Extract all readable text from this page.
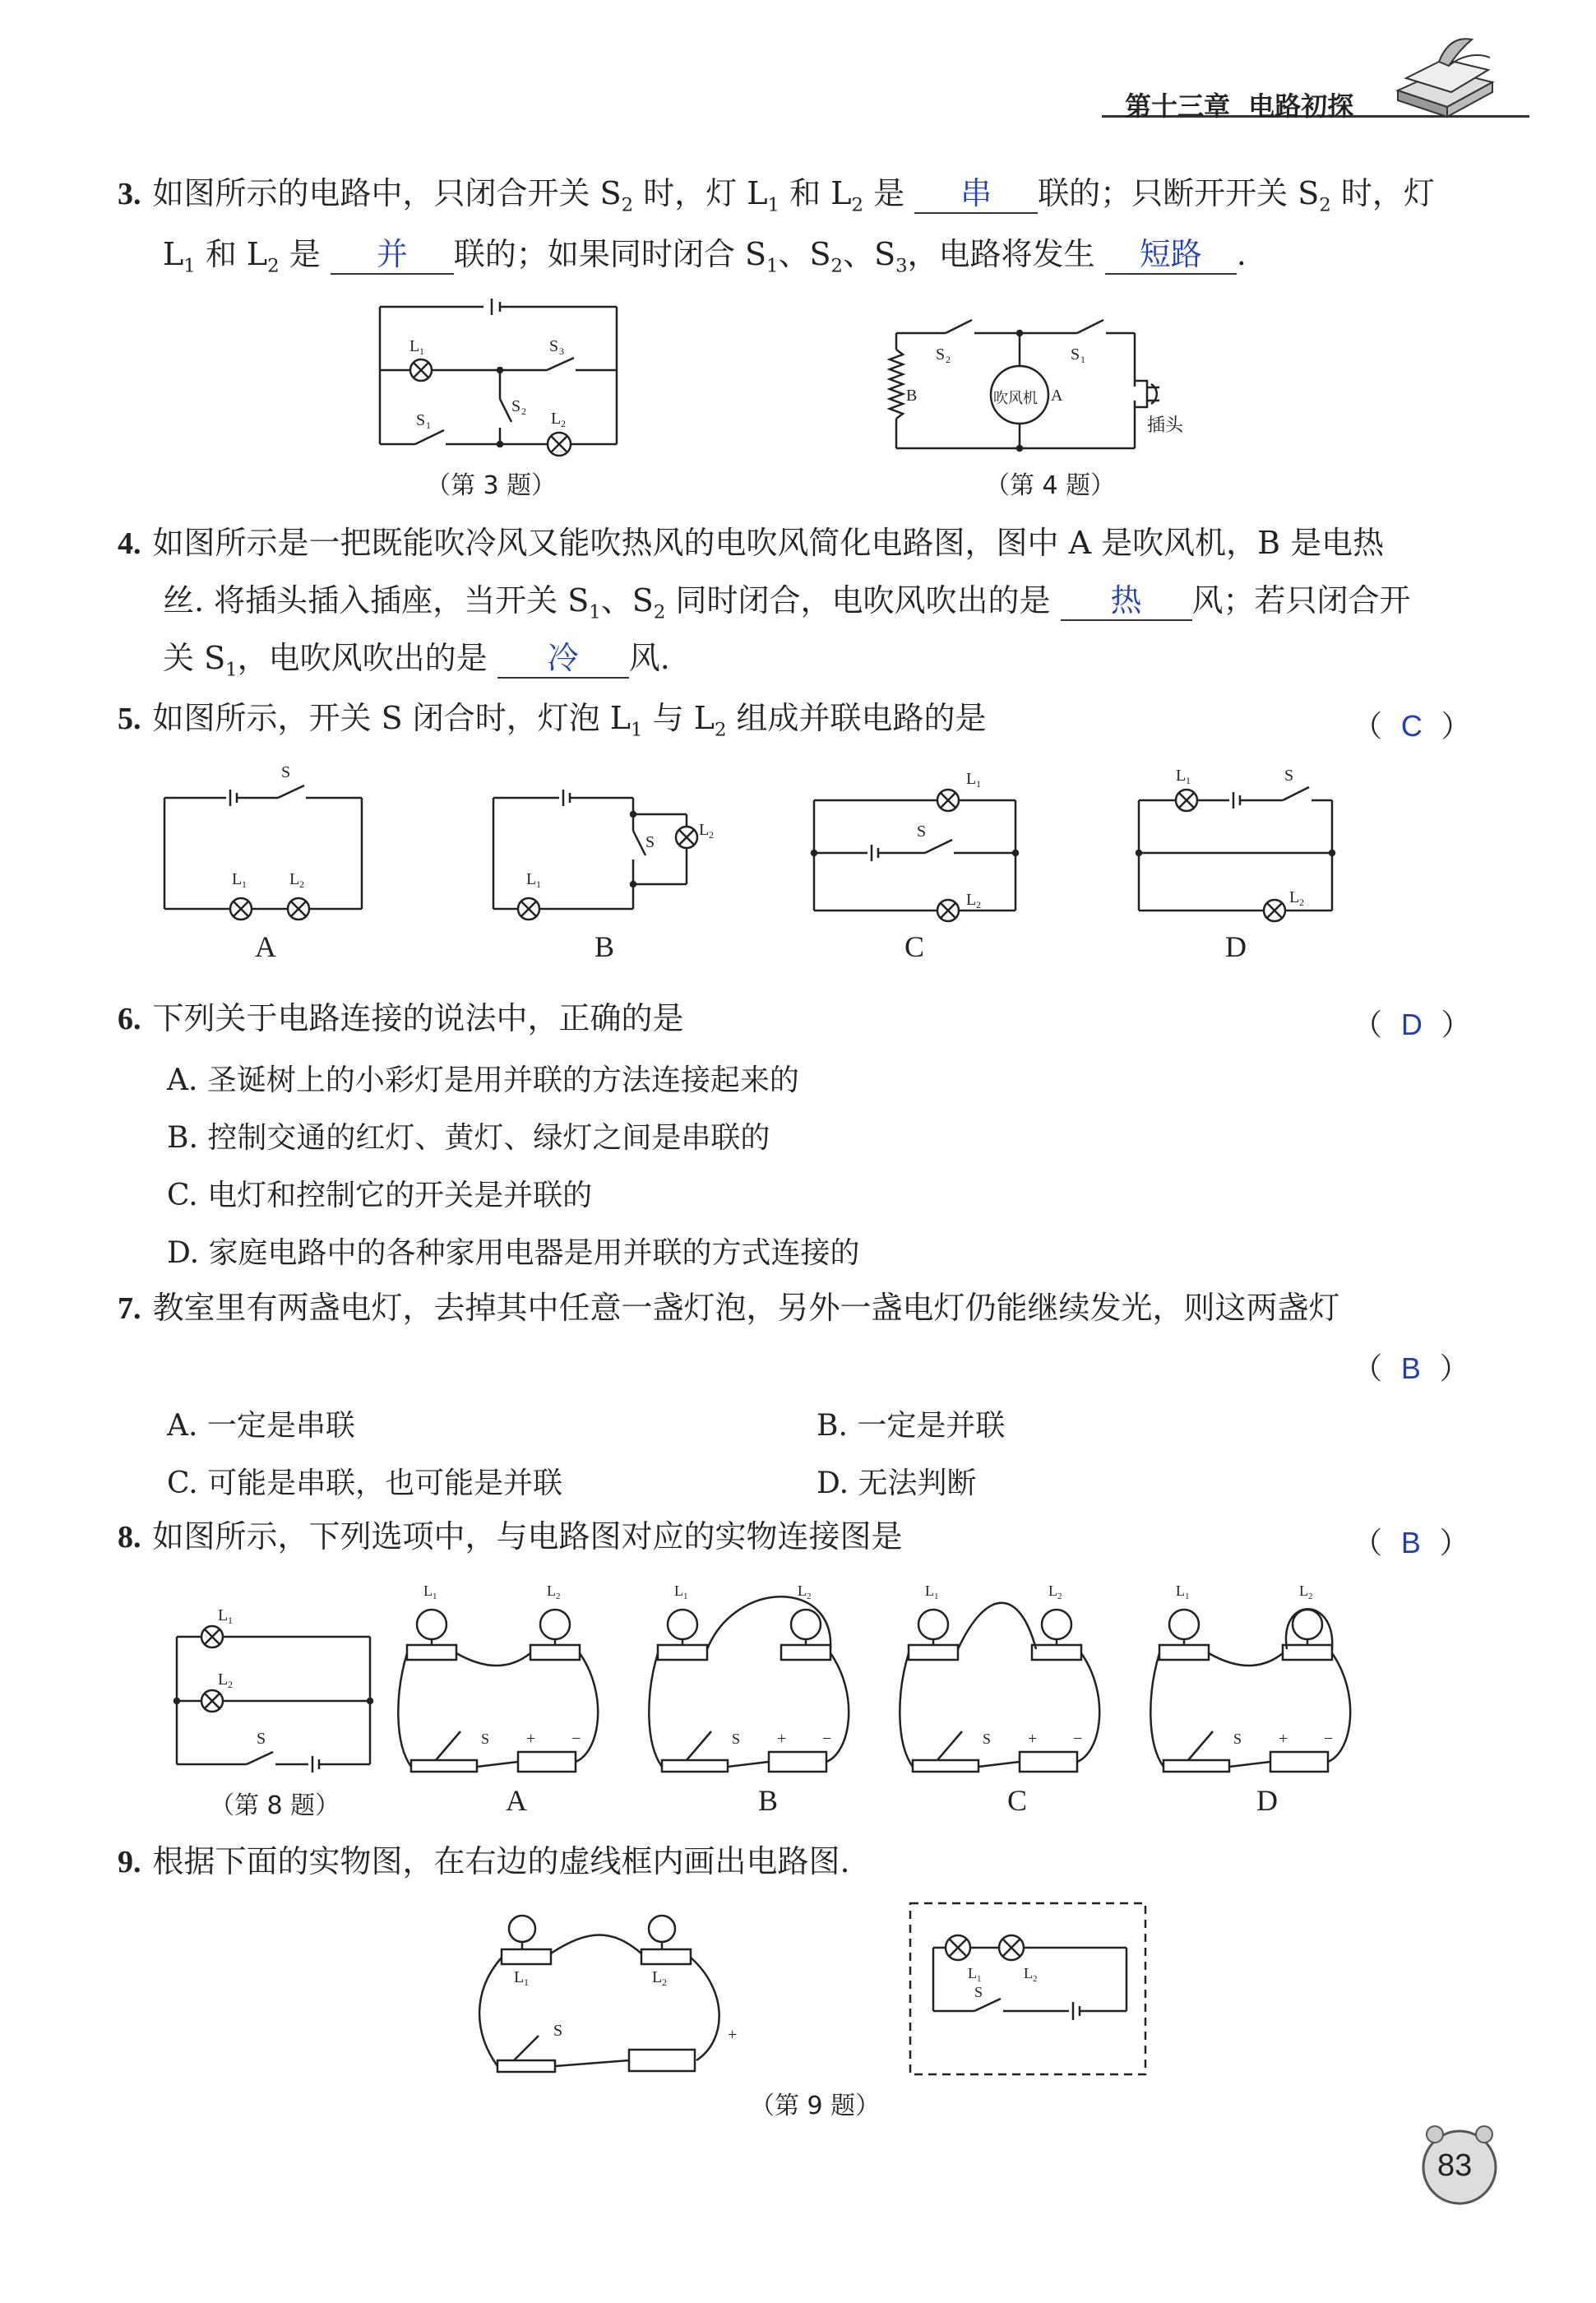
第十三章 电路初探
3. 如图所示的电路中，只闭合开关 $S_2$ 时，灯 $L_1$ 和 $L_2$ 是 串 联的；只断开开关 $S_2$ 时，灯
$L_1$ 和 $L_2$ 是 并 联的；如果同时闭合 $S_1$、$S_2$、$S_3$，电路将发生 短路 .
L 1	S 3
S 2
S 1	L 2
（第 3 题）
S 2	S 1
B	A
吹风机
插头
（第 4 题）
4. 如图所示是一把既能吹冷风又能吹热风的电吹风简化电路图，图中 A 是吹风机，B 是电热
丝. 将插头插入插座，当开关 $S_1$、$S_2$ 同时闭合，电吹风吹出的是 热 风；若只闭合开
关 $S_1$，电吹风吹出的是 冷 风.
5. 如图所示，开关 S 闭合时，灯泡 $L_1$ 与 $L_2$ 组成并联电路的是	（  C  ）
S
L 1	L 2
S
L 2
L 1
S
L 1
L 2
L 1	S
L 2
A	B	C	D
6. 下列关于电路连接的说法中，正确的是	（  D  ）
A. 圣诞树上的小彩灯是用并联的方法连接起来的
B. 控制交通的红灯、黄灯、绿灯之间是串联的
C. 电灯和控制它的开关是并联的
D. 家庭电路中的各种家用电器是用并联的方式连接的
7. 教室里有两盏电灯，去掉其中任意一盏灯泡，另外一盏电灯仍能继续发光，则这两盏灯
（  B  ）
A. 一定是串联	B. 一定是并联
C. 可能是串联，也可能是并联	D. 无法判断
8. 如图所示，下列选项中，与电路图对应的实物连接图是	（  B  ）
L 1
L 2
S
L 1	L 2
S + −
L 1	L 2
S + −
L 1	L 2
S + −
L 1	L 2
S + −
（第 8 题）	A	B	C	D
9. 根据下面的实物图，在右边的虚线框内画出电路图.
L 1	L 2
S	+
L 1	L 2
S
（第 9 题）
83
